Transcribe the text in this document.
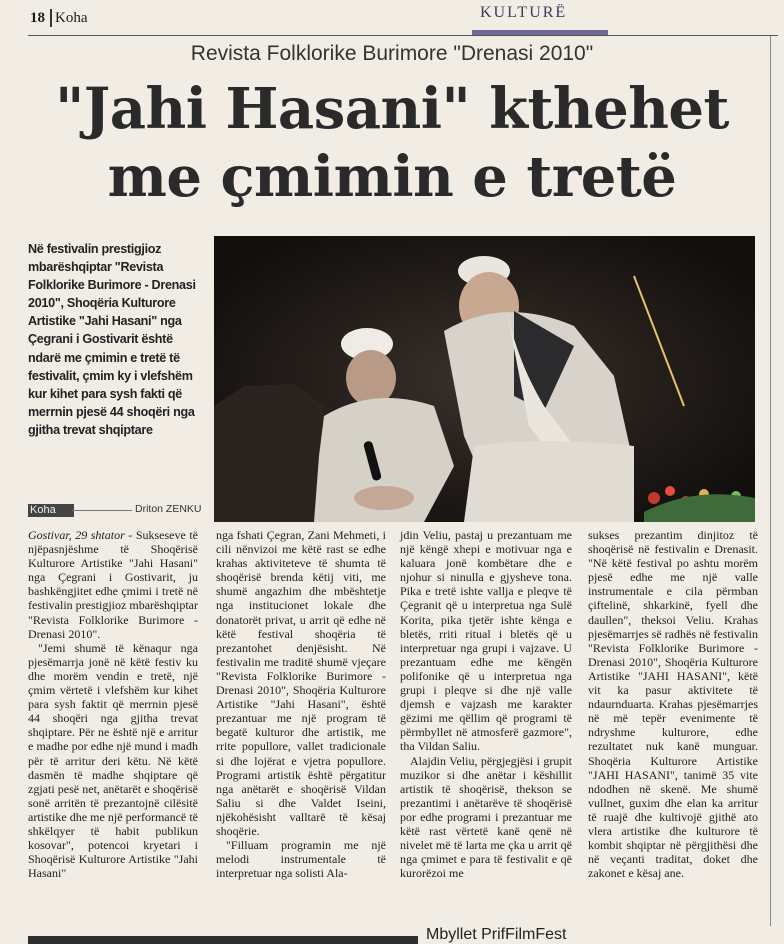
18 Koha	KULTURË
Revista Folklorike Burimore "Drenasi 2010"
"Jahi Hasani" kthehet
me çmimin e tretë
Në festivalin prestigjioz mbarëshqiptar "Revista Folklorike Burimore - Drenasi 2010", Shoqëria Kulturore Artistike "Jahi Hasani" nga Çegrani i Gostivarit është ndarë me çmimin e tretë të festivalit, çmim ky i vlefshëm kur kihet para sysh fakti që merrnin pjesë 44 shoqëri nga gjitha trevat shqiptare
Koha	Driton ZENKU

Gostivar, 29 shtator - Sukseseve të njëpasnjëshme të Shoqërisë Kulturore Artistike "Jahi Hasani" nga Çegrani i Gostivarit, ju bashkëngjitet edhe çmimi i tretë në festivalin prestigjioz mbarëshqiptar "Revista Folklorike Burimore - Drenasi 2010".

"Jemi shumë të kënaqur nga pjesëmarrja jonë në këtë festiv ku dhe morëm vendin e tretë, një çmim vërtetë i vlefshëm kur kihet para sysh faktit që merrnin pjesë 44 shoqëri nga gjitha trevat shqiptare. Për ne është një e arritur e madhe por edhe një mund i madh për të arritur deri këtu. Në këtë dasmën të madhe shqiptare që zgjati pesë net, anëtarët e shoqërisë sonë arritën të prezantojnë cilësitë artistike dhe me një performancë të shkëlqyer të habit publikun kosovar", potencoi kryetari i Shoqërisë Kulturore Artistike "Jahi Hasani"

nga fshati Çegran, Zani Mehmeti, i cili nënvizoi me këtë rast se edhe krahas aktiviteteve të shumta të shoqërisë brenda këtij viti, me shumë angazhim dhe mbështetje nga institucionet lokale dhe donatorët privat, u arrit që edhe në këtë festival shoqëria të prezantohet denjësisht. Në festivalin me traditë shumë vjeçare "Revista Folklorike Burimore - Drenasi 2010", Shoqëria Kulturore Artistike "Jahi Hasani", është prezantuar me një program të begatë kulturor dhe artistik, me rrite popullore, vallet tradicionale si dhe lojërat e vjetra popullore. Programi artistik është përgatitur nga anëtarët e shoqërisë Vildan Saliu si dhe Valdet Iseini, njëkohësisht valltarë të kësaj shoqërie.

"Filluam programin me një melodi instrumentale të interpretuar nga solisti Ala-

jdin Veliu, pastaj u prezantuam me një këngë xhepi e motivuar nga e kaluara jonë kombëtare dhe e njohur si ninulla e gjysheve tona. Pika e tretë ishte vallja e pleqve të Çegranit që u interpretua nga Sulë Korita, pika tjetër ishte kënga e bletës, rriti ritual i bletës që u interpretuar nga grupi i vajzave. U prezantuam edhe me këngën polifonike që u interpretua nga grupi i pleqve si dhe një valle djemsh e vajzash me karakter gëzimi me qëllim që programi të përmbyllet në atmosferë gazmore", tha Vildan Saliu.

Alajdin Veliu, përgjegjësi i grupit muzikor si dhe anëtar i këshillit artistik të shoqërisë, thekson se prezantimi i anëtarëve të shoqërisë por edhe programi i prezantuar me këtë rast vërtetë kanë qenë në nivelet më të larta me çka u arrit që nga çmimet e para të festivalit e që kurorëzoi me

sukses prezantim dinjitoz të shoqërisë në festivalin e Drenasit. "Në këtë festival po ashtu morëm pjesë edhe me një valle instrumentale e cila përmban çiftelinë, shkarkinë, fyell dhe daullen", theksoi Veliu. Krahas pjesëmarrjes së radhës në festivalin "Revista Folklorike Burimore - Drenasi 2010", Shoqëria Kulturore Artistike "JAHI HASANI", këtë vit ka pasur aktivitete të ndaurnduarta. Krahas pjesëmarrjes në më tepër evenimente të ndryshme kulturore, edhe rezultatet nuk kanë munguar. Shoqëria Kulturore Artistike "JAHI HASANI", tanimë 35 vite ndodhen në skenë. Me shumë vullnet, guxim dhe elan ka arritur të ruajë dhe kultivojë gjithë ato vlera artistike dhe kulturore të kombit shqiptar në përgjithësi dhe në veçanti traditat, doket dhe zakonet e kësaj ane.

Mbyllet PrifFilmFest
